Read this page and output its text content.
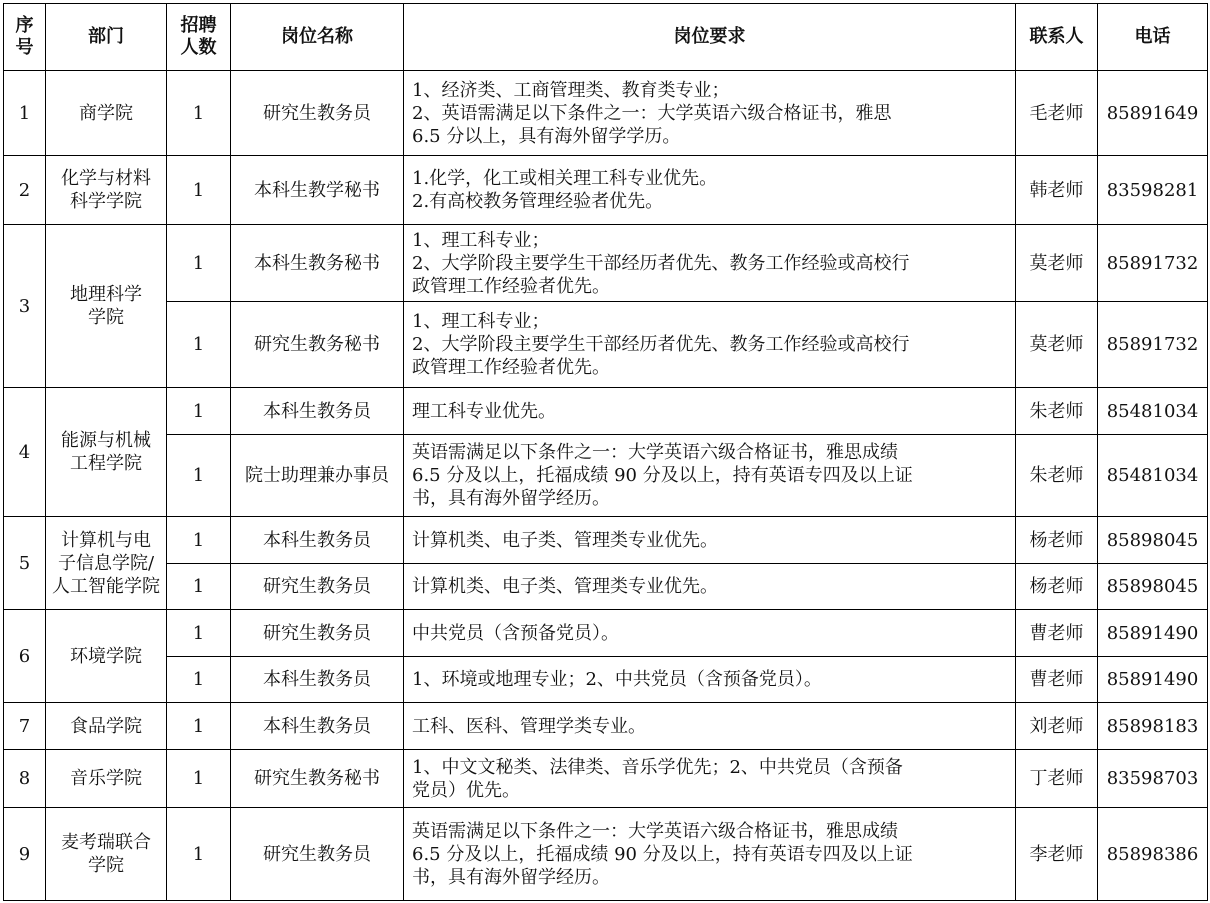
序
号	部门	招聘
人数	岗位名称	岗位要求	联系人	电话
1	商学院	1	研究生教务员	1、经济类、工商管理类、教育类专业；
2、英语需满足以下条件之一：大学英语六级合格证书，雅思
6.5 分以上，具有海外留学学历。	毛老师	85891649
2	化学与材料
科学学院	1	本科生教学秘书	1.化学，化工或相关理工科专业优先。
2.有高校教务管理经验者优先。	韩老师	83598281
3	地理科学
学院	1	本科生教务秘书	1、理工科专业；
2、大学阶段主要学生干部经历者优先、教务工作经验或高校行
政管理工作经验者优先。	莫老师	85891732
		1	研究生教务秘书	1、理工科专业；
2、大学阶段主要学生干部经历者优先、教务工作经验或高校行
政管理工作经验者优先。	莫老师	85891732
4	能源与机械
工程学院	1	本科生教务员	理工科专业优先。	朱老师	85481034
		1	院士助理兼办事员	英语需满足以下条件之一：大学英语六级合格证书，雅思成绩
6.5 分及以上，托福成绩 90 分及以上，持有英语专四及以上证
书，具有海外留学经历。	朱老师	85481034
5	计算机与电
子信息学院/
人工智能学院	1	本科生教务员	计算机类、电子类、管理类专业优先。	杨老师	85898045
		1	研究生教务员	计算机类、电子类、管理类专业优先。	杨老师	85898045
6	环境学院	1	研究生教务员	中共党员（含预备党员）。	曹老师	85891490
		1	本科生教务员	1、环境或地理专业；2、中共党员（含预备党员）。	曹老师	85891490
7	食品学院	1	本科生教务员	工科、医科、管理学类专业。	刘老师	85898183
8	音乐学院	1	研究生教务秘书	1、中文文秘类、法律类、音乐学优先；2、中共党员（含预备
党员）优先。	丁老师	83598703
9	麦考瑞联合
学院	1	研究生教务员	英语需满足以下条件之一：大学英语六级合格证书，雅思成绩
6.5 分及以上，托福成绩 90 分及以上，持有英语专四及以上证
书，具有海外留学经历。	李老师	85898386
